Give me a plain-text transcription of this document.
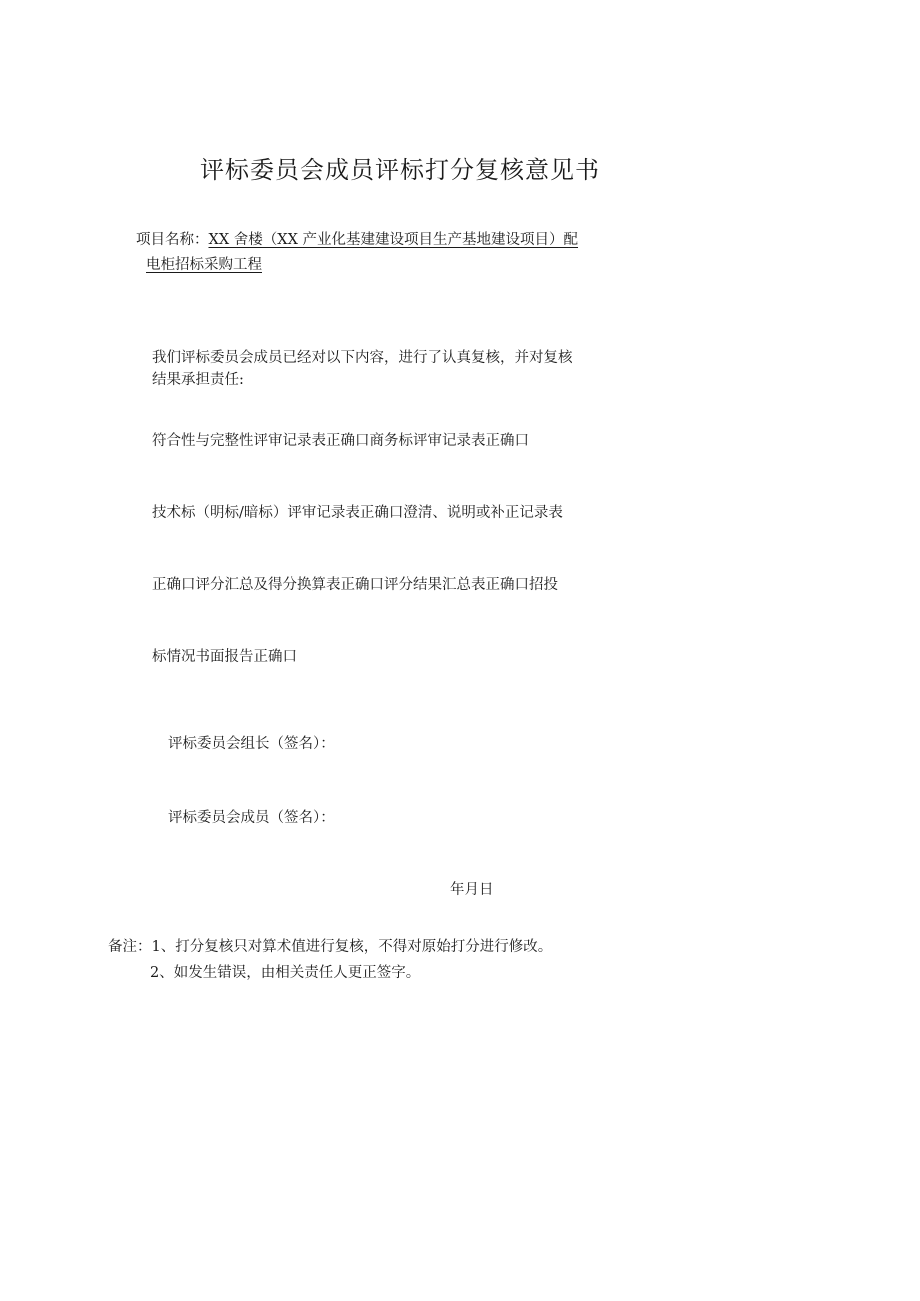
评标委员会成员评标打分复核意见书
项目名称：XX 舍楼（XX 产业化基建建设项目生产基地建设项目）配
电柜招标采购工程
我们评标委员会成员已经对以下内容，进行了认真复核，并对复核
结果承担责任:

符合性与完整性评审记录表正确口商务标评审记录表正确口

技术标（明标/暗标）评审记录表正确口澄清、说明或补正记录表

正确口评分汇总及得分换算表正确口评分结果汇总表正确口招投

标情况书面报告正确口

评标委员会组长（签名）：

评标委员会成员（签名）：

年月日

备注：1、打分复核只对算术值进行复核，不得对原始打分进行修改。
2、如发生错误，由相关责任人更正签字。
